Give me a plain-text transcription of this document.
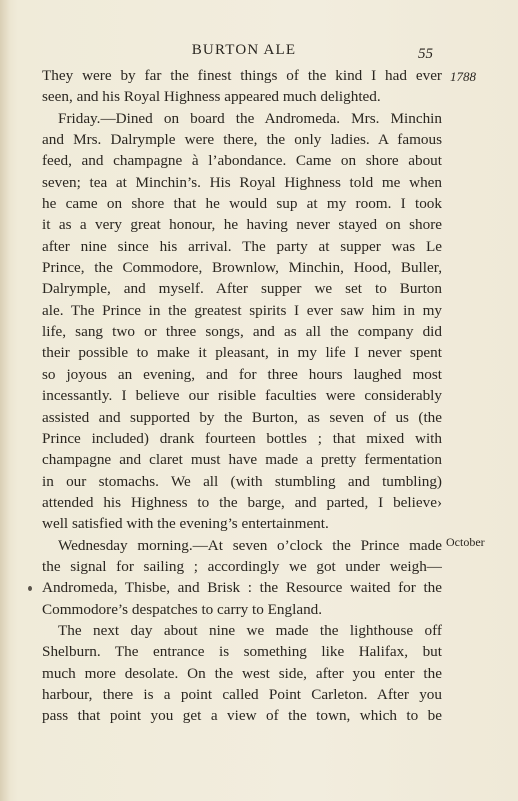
BURTON ALE	55
1788
October
They were by far the finest things of the kind I had ever
seen, and his Royal Highness appeared much delighted.
Friday.—Dined on board the Andromeda. Mrs. Minchin
and Mrs. Dalrymple were there, the only ladies. A famous
feed, and champagne à l’abondance. Came on shore about
seven; tea at Minchin’s. His Royal Highness told me when
he came on shore that he would sup at my room. I took
it as a very great honour, he having never stayed on shore
after nine since his arrival. The party at supper was Le
Prince, the Commodore, Brownlow, Minchin, Hood, Buller,
Dalrymple, and myself. After supper we set to Burton
ale. The Prince in the greatest spirits I ever saw him in my
life, sang two or three songs, and as all the company did
their possible to make it pleasant, in my life I never spent
so joyous an evening, and for three hours laughed most
incessantly. I believe our risible faculties were considerably
assisted and supported by the Burton, as seven of us (the
Prince included) drank fourteen bottles ; that mixed with
champagne and claret must have made a pretty fermentation
in our stomachs. We all (with stumbling and tumbling)
attended his Highness to the barge, and parted, I believe›
well satisfied with the evening’s entertainment.
Wednesday morning.—At seven o’clock the Prince made
the signal for sailing ; accordingly we got under weigh—
Andromeda, Thisbe, and Brisk : the Resource waited for the
Commodore’s despatches to carry to England.
The next day about nine we made the lighthouse off
Shelburn. The entrance is something like Halifax, but
much more desolate. On the west side, after you enter the
harbour, there is a point called Point Carleton. After you
pass that point you get a view of the town, which to be
